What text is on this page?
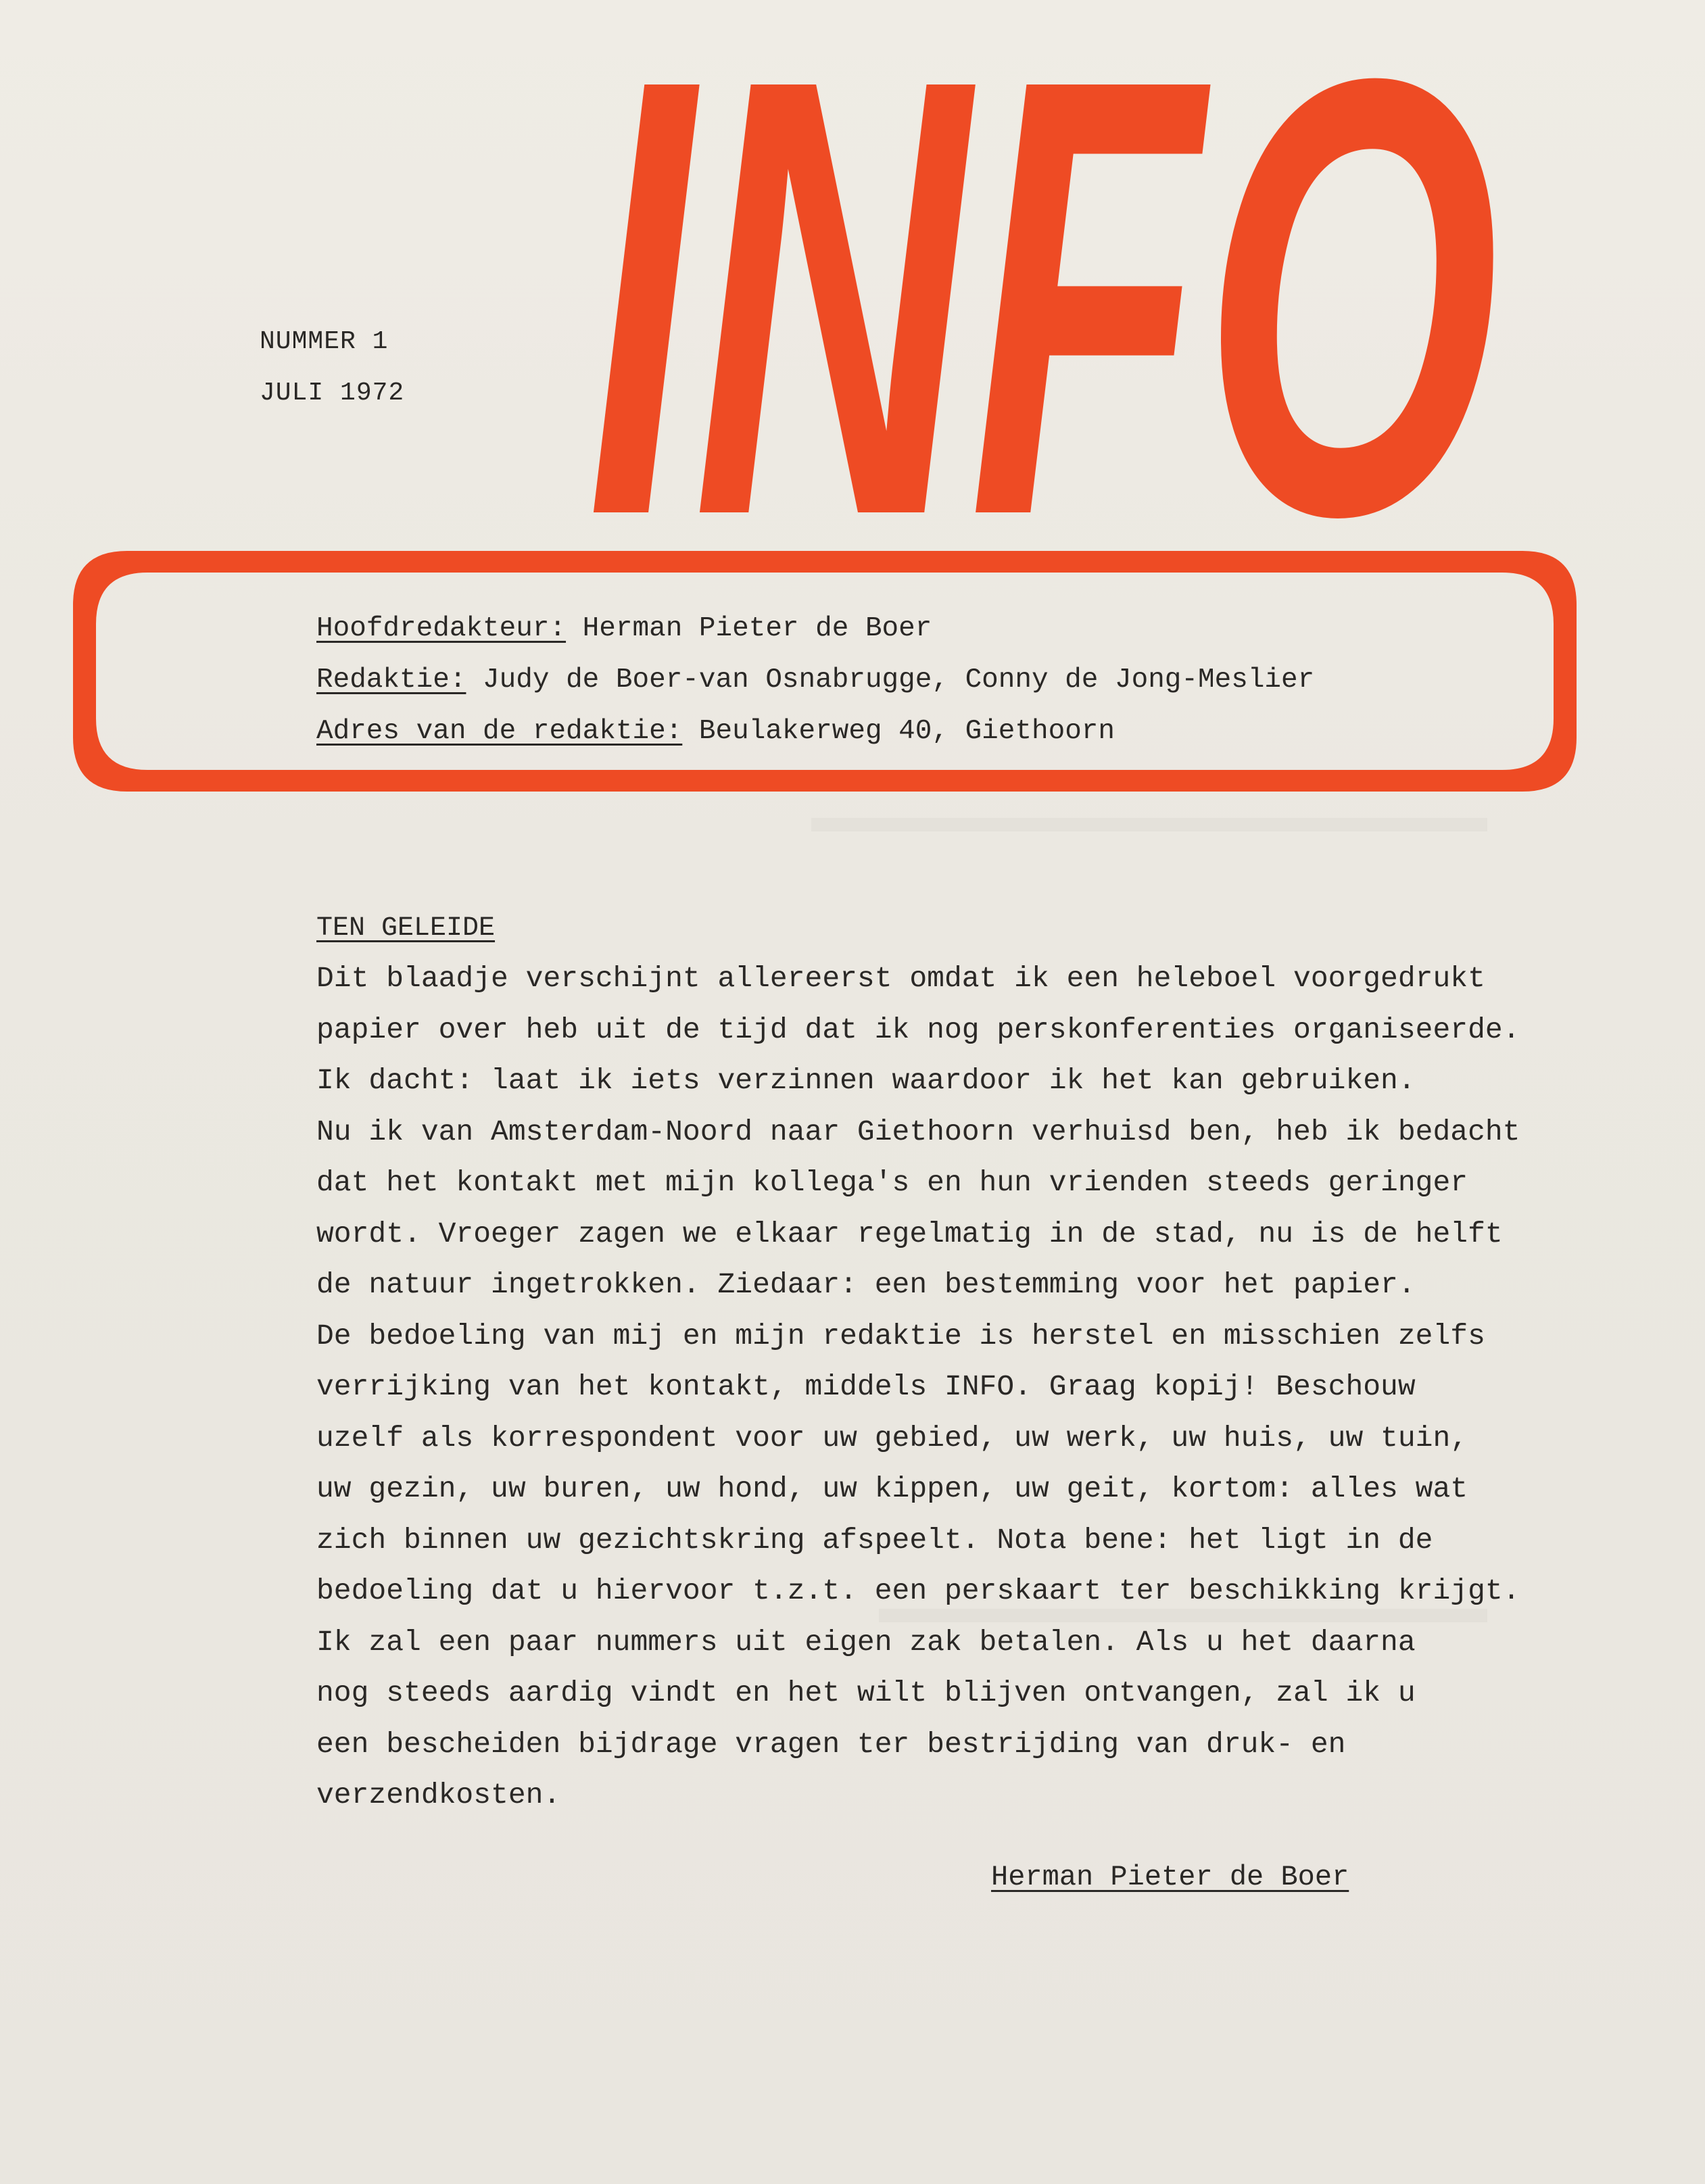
INFO
NUMMER 1
JULI 1972
Hoofdredakteur: Herman Pieter de Boer
Redaktie: Judy de Boer-van Osnabrugge, Conny de Jong-Meslier
Adres van de redaktie: Beulakerweg 40, Giethoorn
TEN GELEIDE
Dit blaadje verschijnt allereerst omdat ik een heleboel voorgedrukt
papier over heb uit de tijd dat ik nog perskonferenties organiseerde.
Ik dacht: laat ik iets verzinnen waardoor ik het kan gebruiken.
Nu ik van Amsterdam-Noord naar Giethoorn verhuisd ben, heb ik bedacht
dat het kontakt met mijn kollega's en hun vrienden steeds geringer
wordt. Vroeger zagen we elkaar regelmatig in de stad, nu is de helft
de natuur ingetrokken. Ziedaar: een bestemming voor het papier.
De bedoeling van mij en mijn redaktie is herstel en misschien zelfs
verrijking van het kontakt, middels INFO. Graag kopij! Beschouw
uzelf als korrespondent voor uw gebied, uw werk, uw huis, uw tuin,
uw gezin, uw buren, uw hond, uw kippen, uw geit, kortom: alles wat
zich binnen uw gezichtskring afspeelt. Nota bene: het ligt in de
bedoeling dat u hiervoor t.z.t. een perskaart ter beschikking krijgt.
Ik zal een paar nummers uit eigen zak betalen. Als u het daarna
nog steeds aardig vindt en het wilt blijven ontvangen, zal ik u
een bescheiden bijdrage vragen ter bestrijding van druk- en
verzendkosten.
Herman Pieter de Boer
